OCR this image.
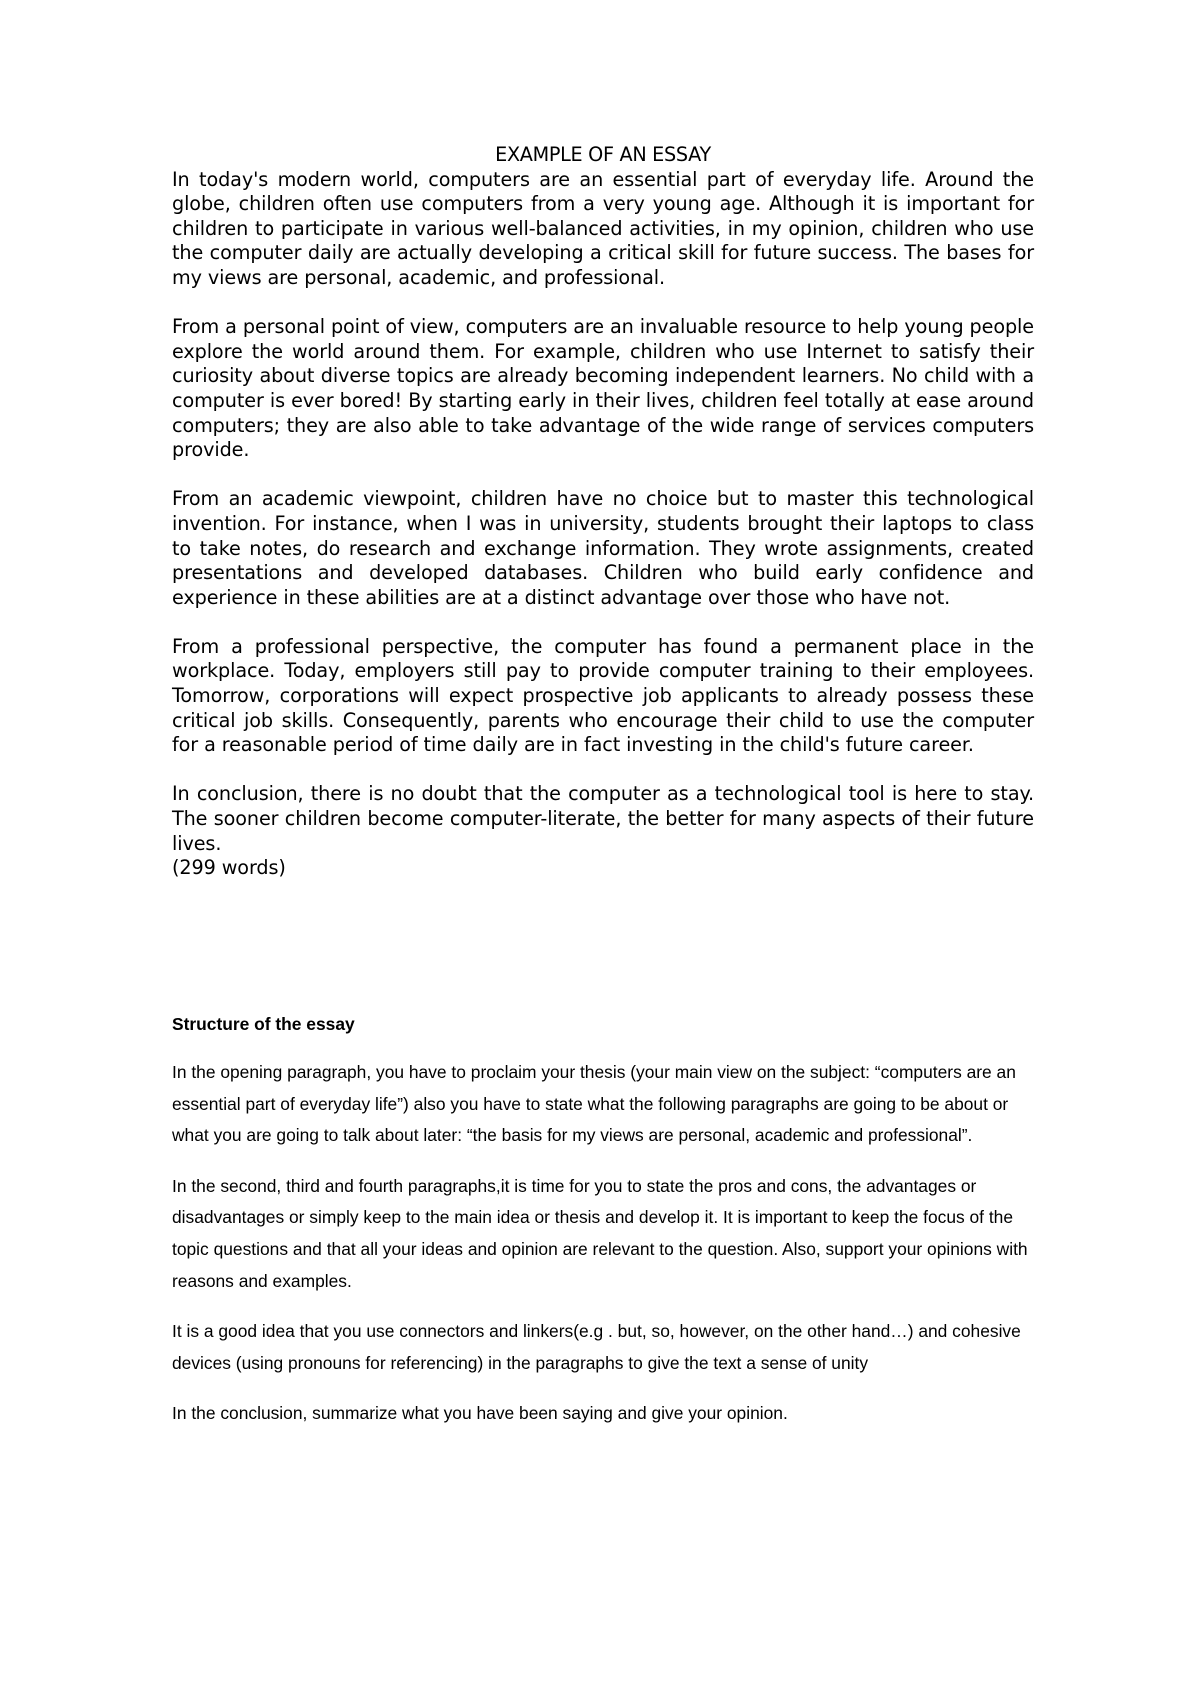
EXAMPLE OF AN ESSAY

In today's modern world, computers are an essential part of everyday life. Around the globe, children often use computers from a very young age. Although it is important for children to participate in various well-balanced activities, in my opinion, children who use the computer daily are actually developing a critical skill for future success. The bases for my views are personal, academic, and professional.

From a personal point of view, computers are an invaluable resource to help young people explore the world around them. For example, children who use Internet to satisfy their curiosity about diverse topics are already becoming independent learners. No child with a computer is ever bored! By starting early in their lives, children feel totally at ease around computers; they are also able to take advantage of the wide range of services computers provide.

From an academic viewpoint, children have no choice but to master this technological invention. For instance, when I was in university, students brought their laptops to class to take notes, do research and exchange information. They wrote assignments, created presentations and developed databases. Children who build early confidence and experience in these abilities are at a distinct advantage over those who have not.

From a professional perspective, the computer has found a permanent place in the workplace. Today, employers still pay to provide computer training to their employees. Tomorrow, corporations will expect prospective job applicants to already possess these critical job skills. Consequently, parents who encourage their child to use the computer for a reasonable period of time daily are in fact investing in the child's future career.

In conclusion, there is no doubt that the computer as a technological tool is here to stay. The sooner children become computer-literate, the better for many aspects of their future lives.

(299 words)
Structure of the essay

In the opening paragraph, you have to proclaim your thesis (your main view on the subject: “computers are an essential part of everyday life”) also you have to state what the following paragraphs are going to be about or what you are going to talk about later: “the basis for my views are personal, academic and professional”.

In the second, third and fourth paragraphs,it is time for you to state the pros and cons, the advantages or disadvantages or simply keep to the main idea or thesis and develop it. It is important to keep the focus of the topic questions and that all your ideas and opinion are relevant to the question. Also, support your opinions with reasons and examples.

It is a good idea that you use connectors and linkers(e.g . but, so, however, on the other hand…) and cohesive devices (using pronouns for referencing) in the paragraphs to give the text a sense of unity

In the conclusion, summarize what you have been saying and give your opinion.
